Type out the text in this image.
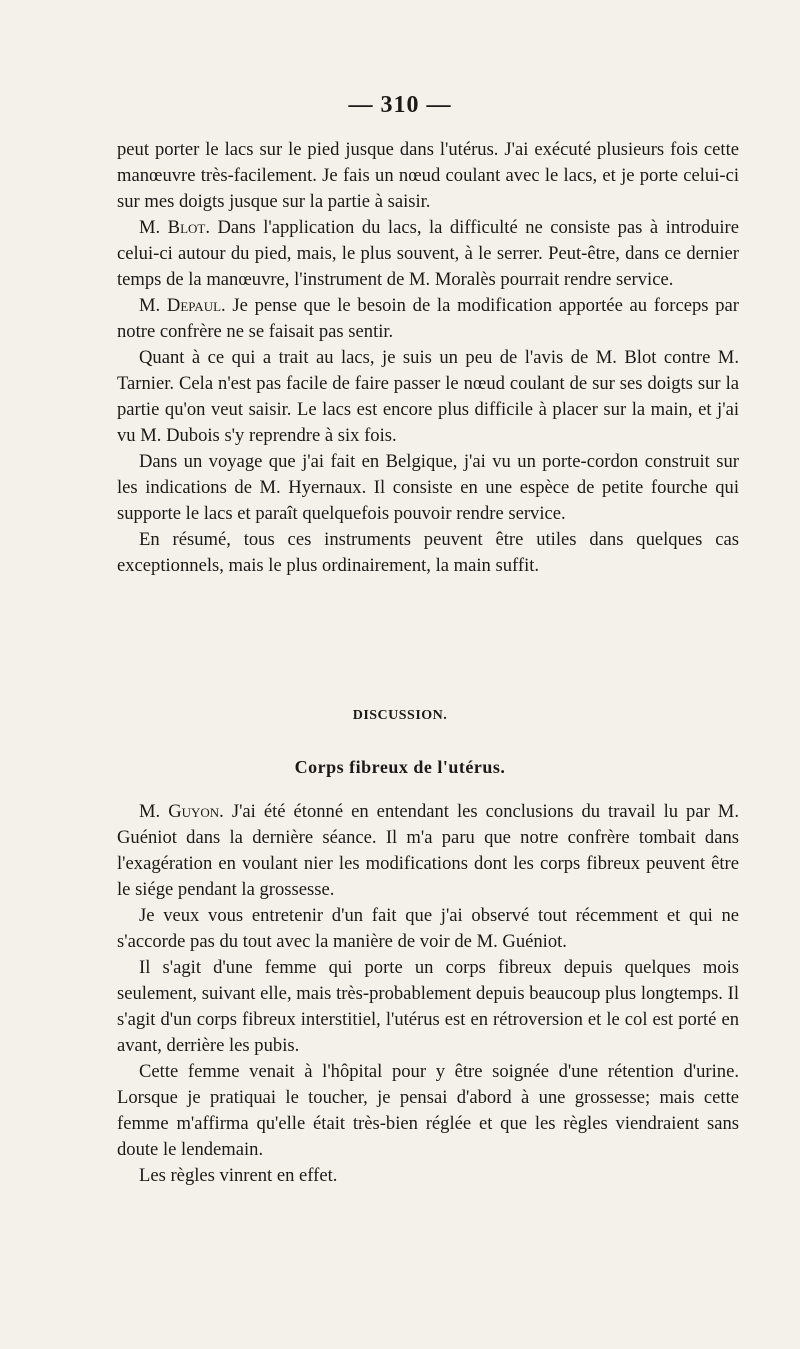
— 310 —

peut porter le lacs sur le pied jusque dans l'utérus. J'ai exécuté plusieurs fois cette manœuvre très-facilement. Je fais un nœud coulant avec le lacs, et je porte celui-ci sur mes doigts jusque sur la partie à saisir.

M. Blot. Dans l'application du lacs, la difficulté ne consiste pas à introduire celui-ci autour du pied, mais, le plus souvent, à le serrer. Peut-être, dans ce dernier temps de la manœuvre, l'instrument de M. Moralès pourrait rendre service.

M. Depaul. Je pense que le besoin de la modification apportée au forceps par notre confrère ne se faisait pas sentir.

Quant à ce qui a trait au lacs, je suis un peu de l'avis de M. Blot contre M. Tarnier. Cela n'est pas facile de faire passer le nœud coulant de sur ses doigts sur la partie qu'on veut saisir. Le lacs est encore plus difficile à placer sur la main, et j'ai vu M. Dubois s'y reprendre à six fois.

Dans un voyage que j'ai fait en Belgique, j'ai vu un porte-cordon construit sur les indications de M. Hyernaux. Il consiste en une espèce de petite fourche qui supporte le lacs et paraît quelquefois pouvoir rendre service.

En résumé, tous ces instruments peuvent être utiles dans quelques cas exceptionnels, mais le plus ordinairement, la main suffit.

DISCUSSION.
Corps fibreux de l'utérus.

M. Guyon. J'ai été étonné en entendant les conclusions du travail lu par M. Guéniot dans la dernière séance. Il m'a paru que notre confrère tombait dans l'exagération en voulant nier les modifications dont les corps fibreux peuvent être le siége pendant la grossesse.

Je veux vous entretenir d'un fait que j'ai observé tout récemment et qui ne s'accorde pas du tout avec la manière de voir de M. Guéniot.

Il s'agit d'une femme qui porte un corps fibreux depuis quelques mois seulement, suivant elle, mais très-probablement depuis beaucoup plus longtemps. Il s'agit d'un corps fibreux interstitiel, l'utérus est en rétroversion et le col est porté en avant, derrière les pubis.

Cette femme venait à l'hôpital pour y être soignée d'une rétention d'urine. Lorsque je pratiquai le toucher, je pensai d'abord à une grossesse; mais cette femme m'affirma qu'elle était très-bien réglée et que les règles viendraient sans doute le lendemain.

Les règles vinrent en effet.
